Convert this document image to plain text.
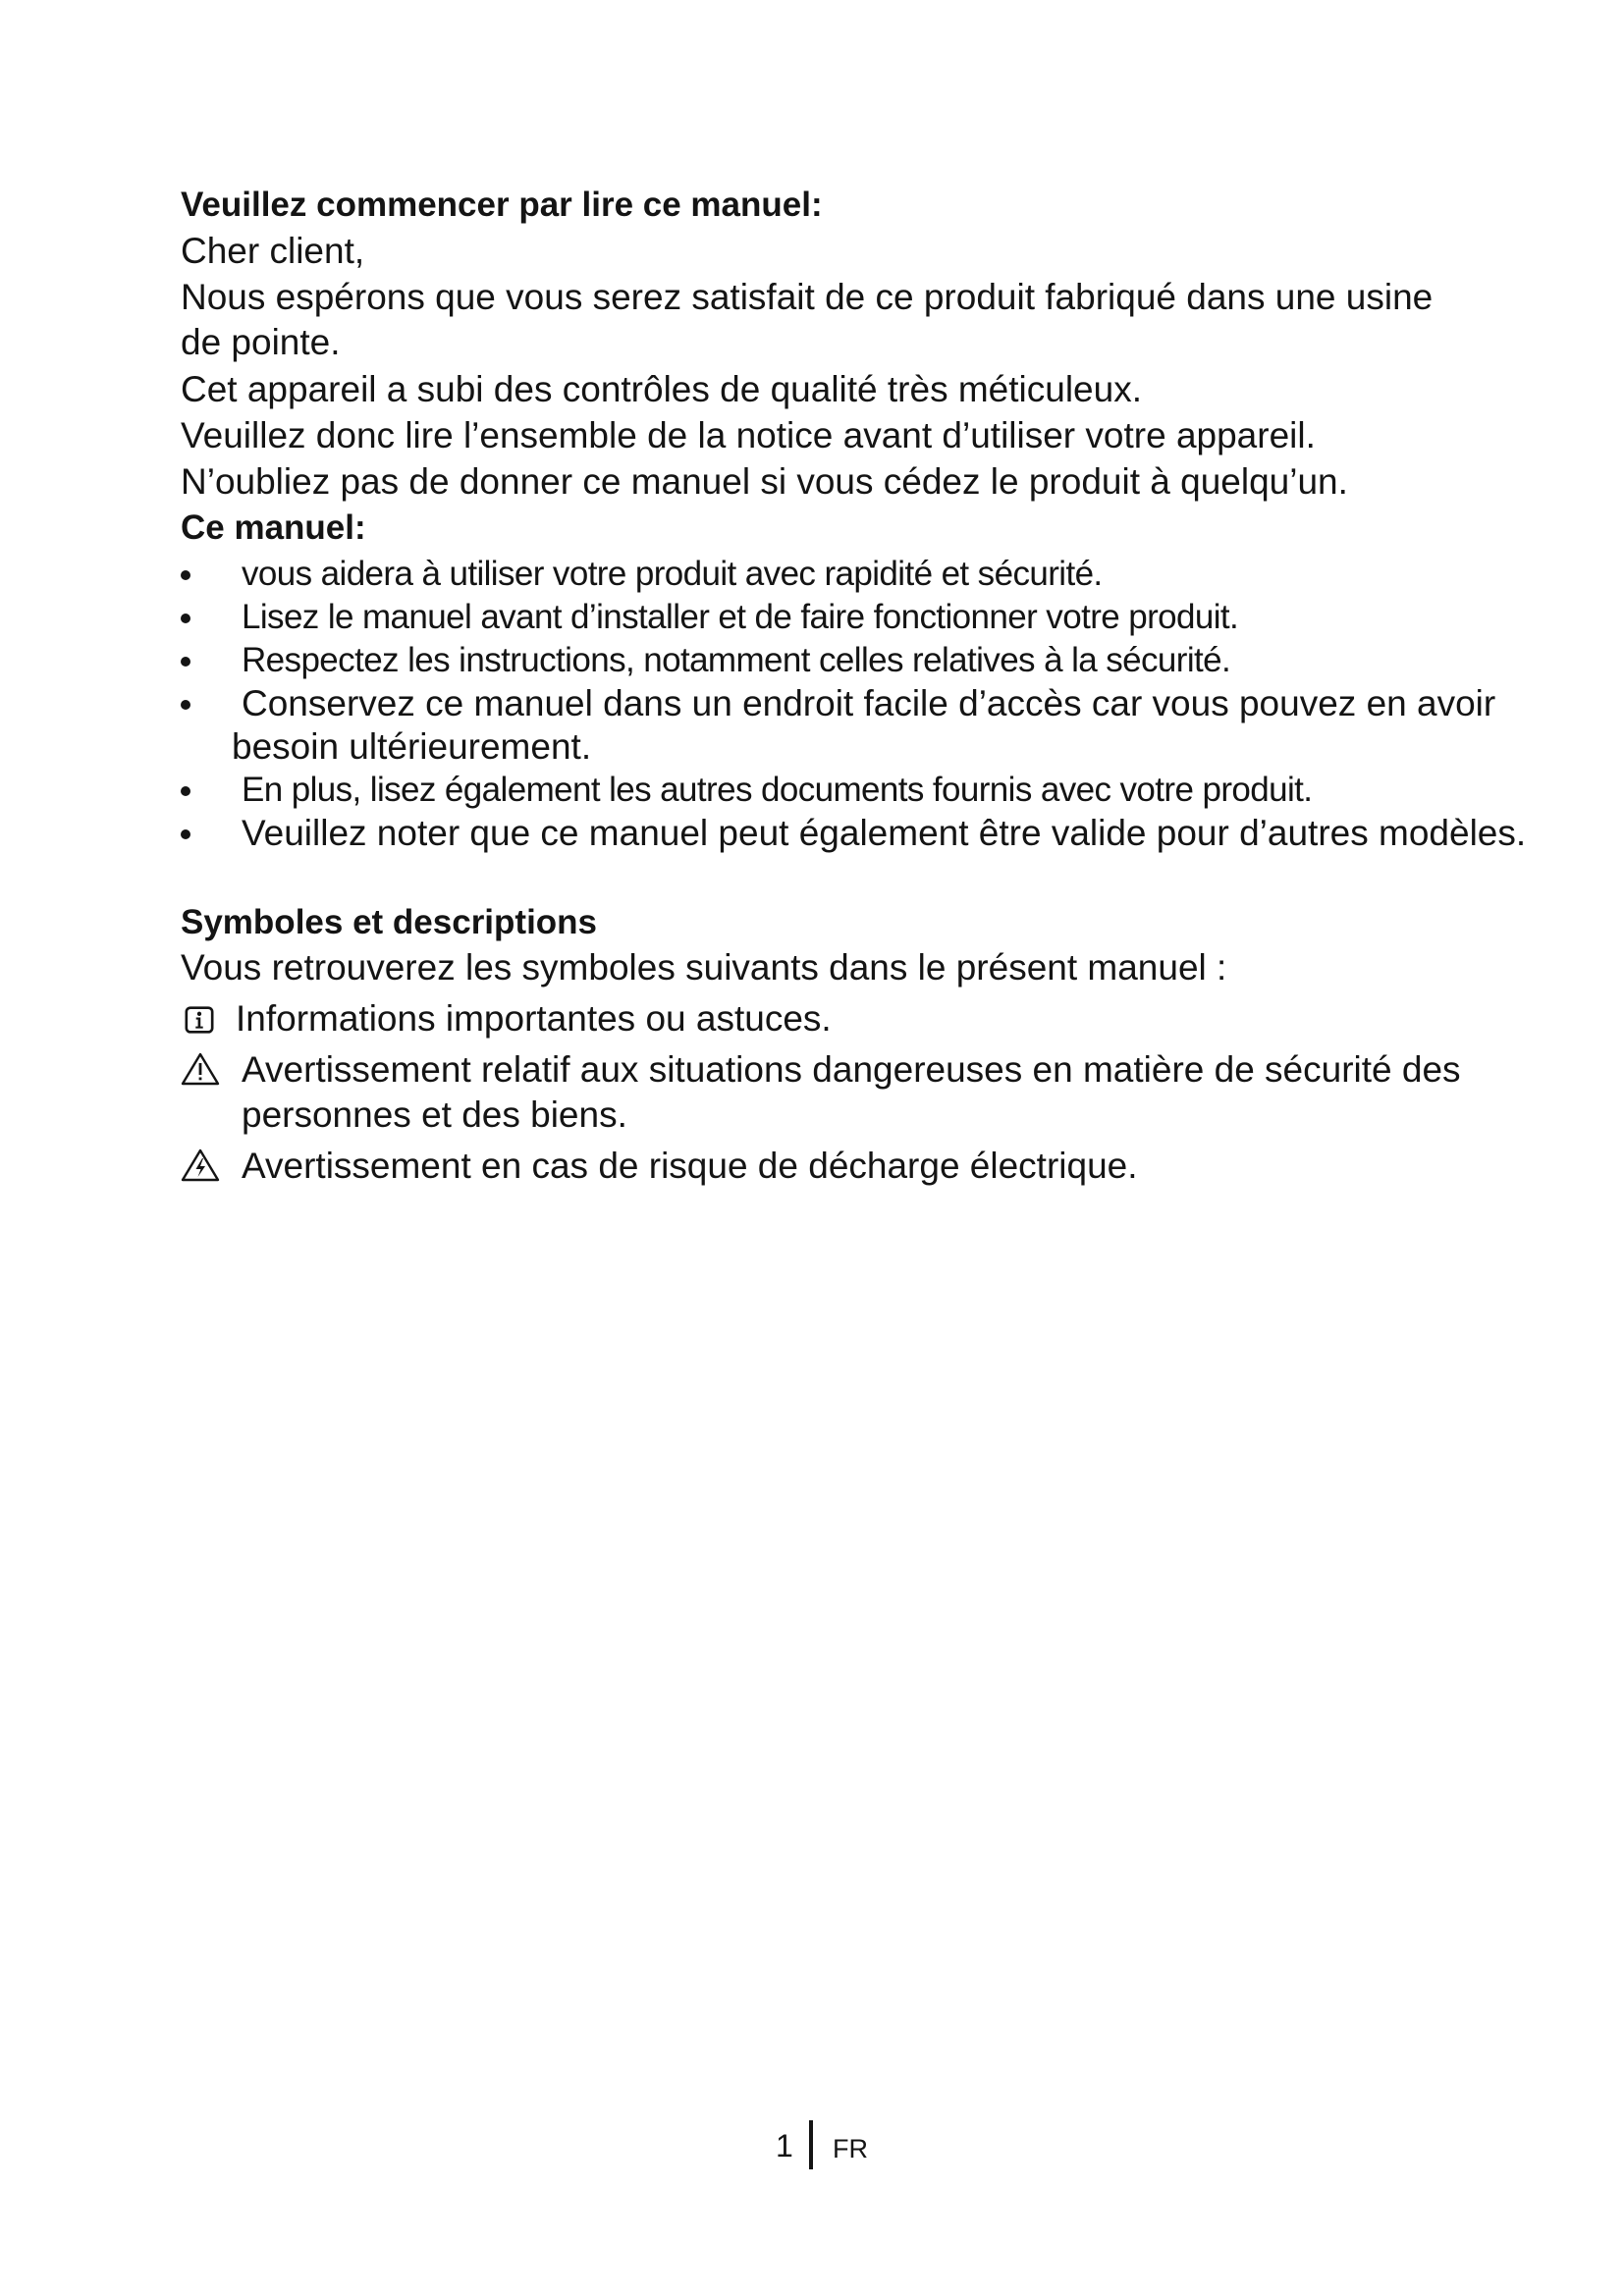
Veuillez commencer par lire ce manuel:

Cher client,

Nous espérons que vous serez satisfait de ce produit fabriqué dans une usine de pointe.

Cet appareil a subi des contrôles de qualité très méticuleux.

Veuillez donc lire l’ensemble de la notice avant d’utiliser votre appareil.

N’oubliez pas de donner ce manuel si vous cédez le produit à quelqu’un.

Ce manuel:

vous aidera à utiliser votre produit avec rapidité et sécurité.
Lisez le manuel avant d’installer et de faire fonctionner votre produit.
Respectez les instructions, notamment celles relatives à la sécurité.
Conservez ce manuel dans un endroit facile d’accès car vous pouvez en avoir
besoin ultérieurement.
En plus, lisez également les autres documents fournis avec votre produit.
Veuillez noter que ce manuel peut également être valide pour d’autres modèles.

Symboles et descriptions

Vous retrouverez les symboles suivants dans le présent manuel :

Informations importantes ou astuces.
Avertissement relatif aux situations dangereuses en matière de sécurité des personnes et des biens.
Avertissement en cas de risque de décharge électrique.
1 FR
